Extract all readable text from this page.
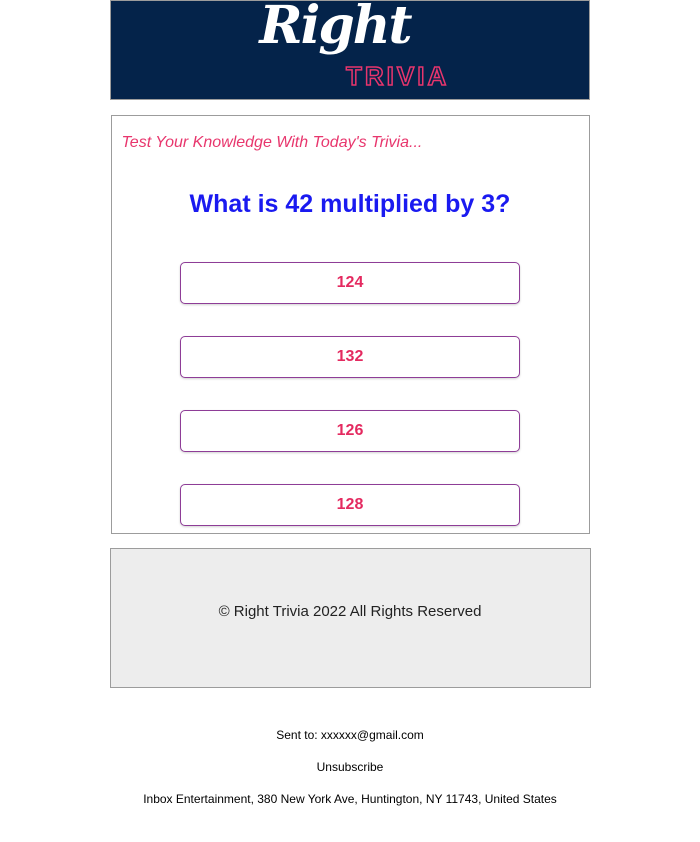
Right
TRIVIA
Test Your Knowledge With Today's Trivia...
What is 42 multiplied by 3?
124
132
126
128
© Right Trivia 2022 All Rights Reserved
Sent to: xxxxxx@gmail.com
Unsubscribe
Inbox Entertainment, 380 New York Ave, Huntington, NY 11743, United States
